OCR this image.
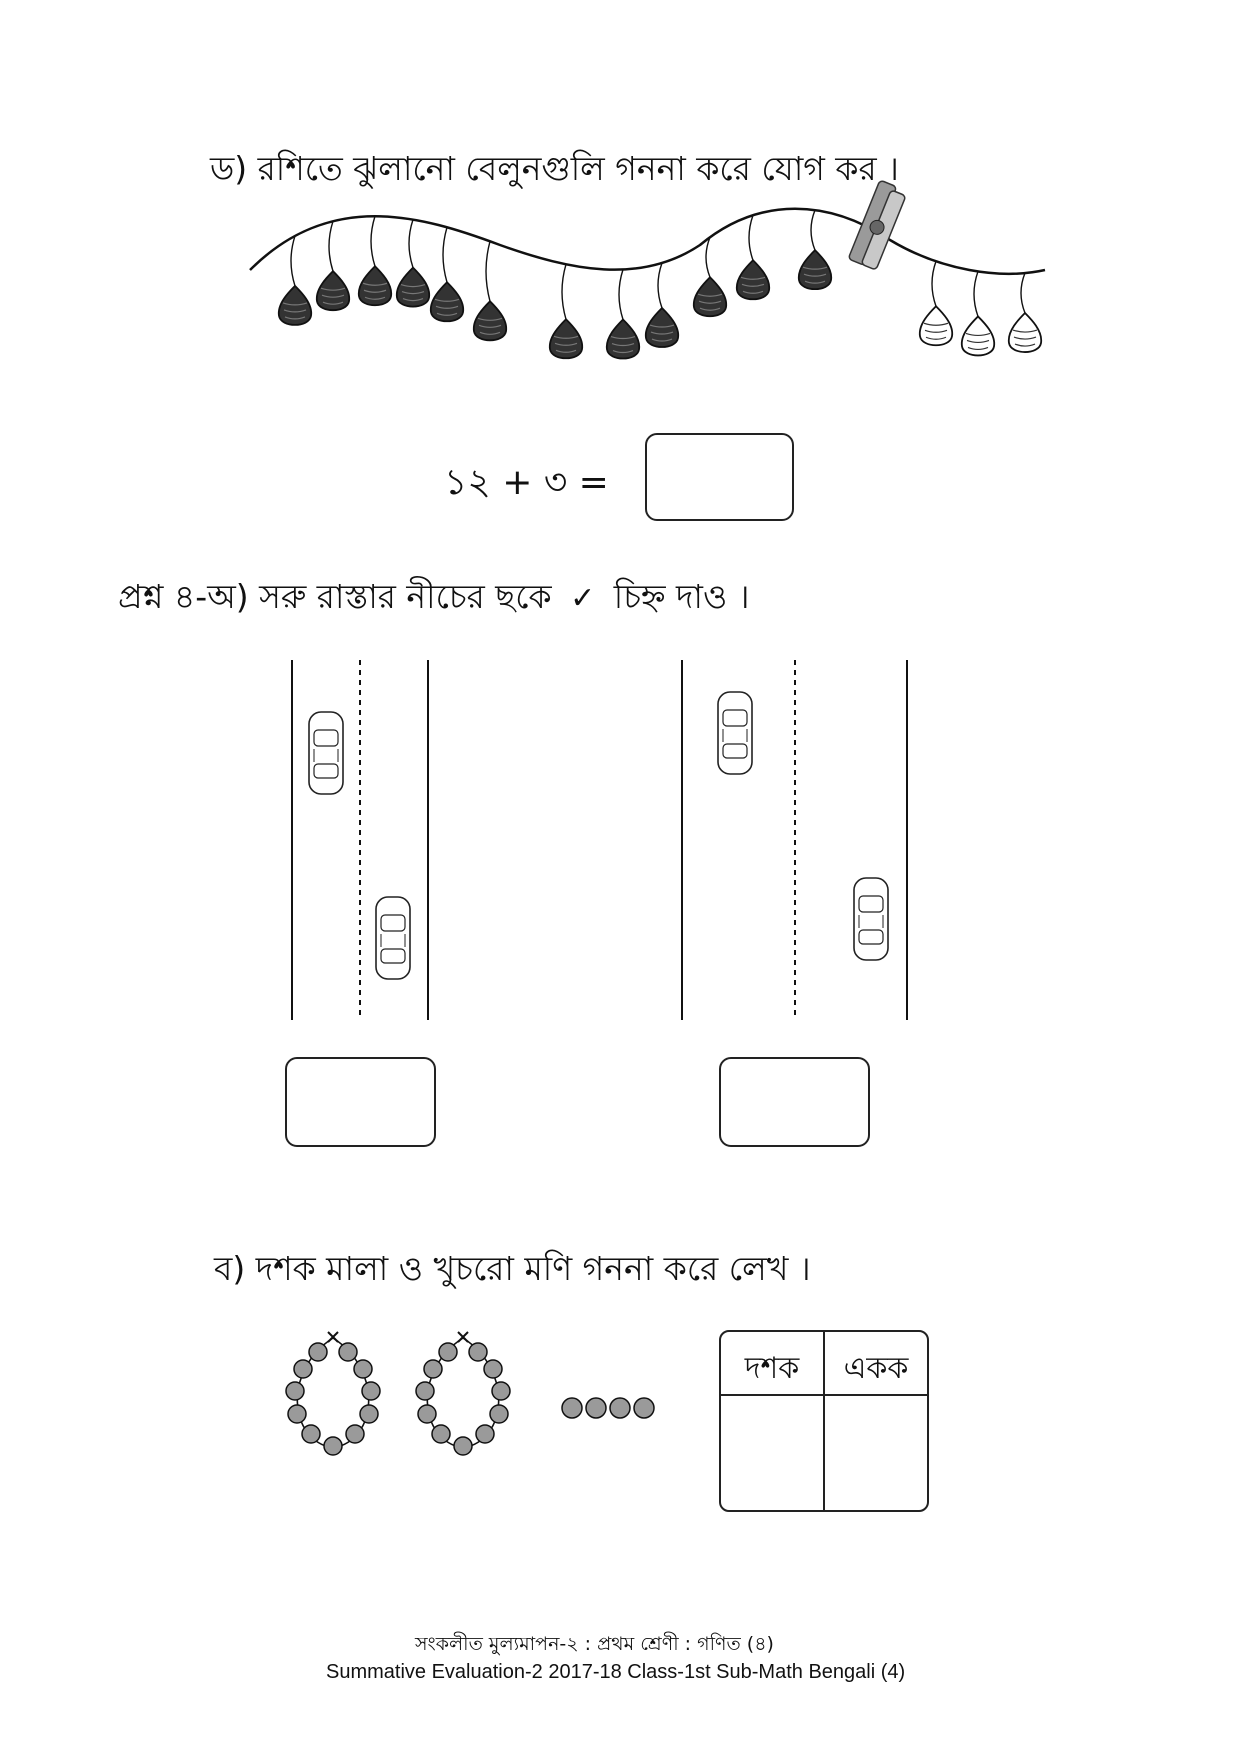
ড) রশিতে ঝুলানো বেলুনগুলি গননা করে যোগ কর ।
১২ + ৩ =
প্রশ্ন ৪-অ) সরু রাস্তার নীচের ছকে ✓ চিহ্ন দাও ।
ব) দশক মালা ও খুচরো মণি গননা করে লেখ ।
দশক	একক
সংকলীত মুল্যমাপন-২ : প্রথম শ্রেণী : গণিত (৪)
Summative Evaluation-2 2017-18 Class-1st Sub-Math Bengali (4)
